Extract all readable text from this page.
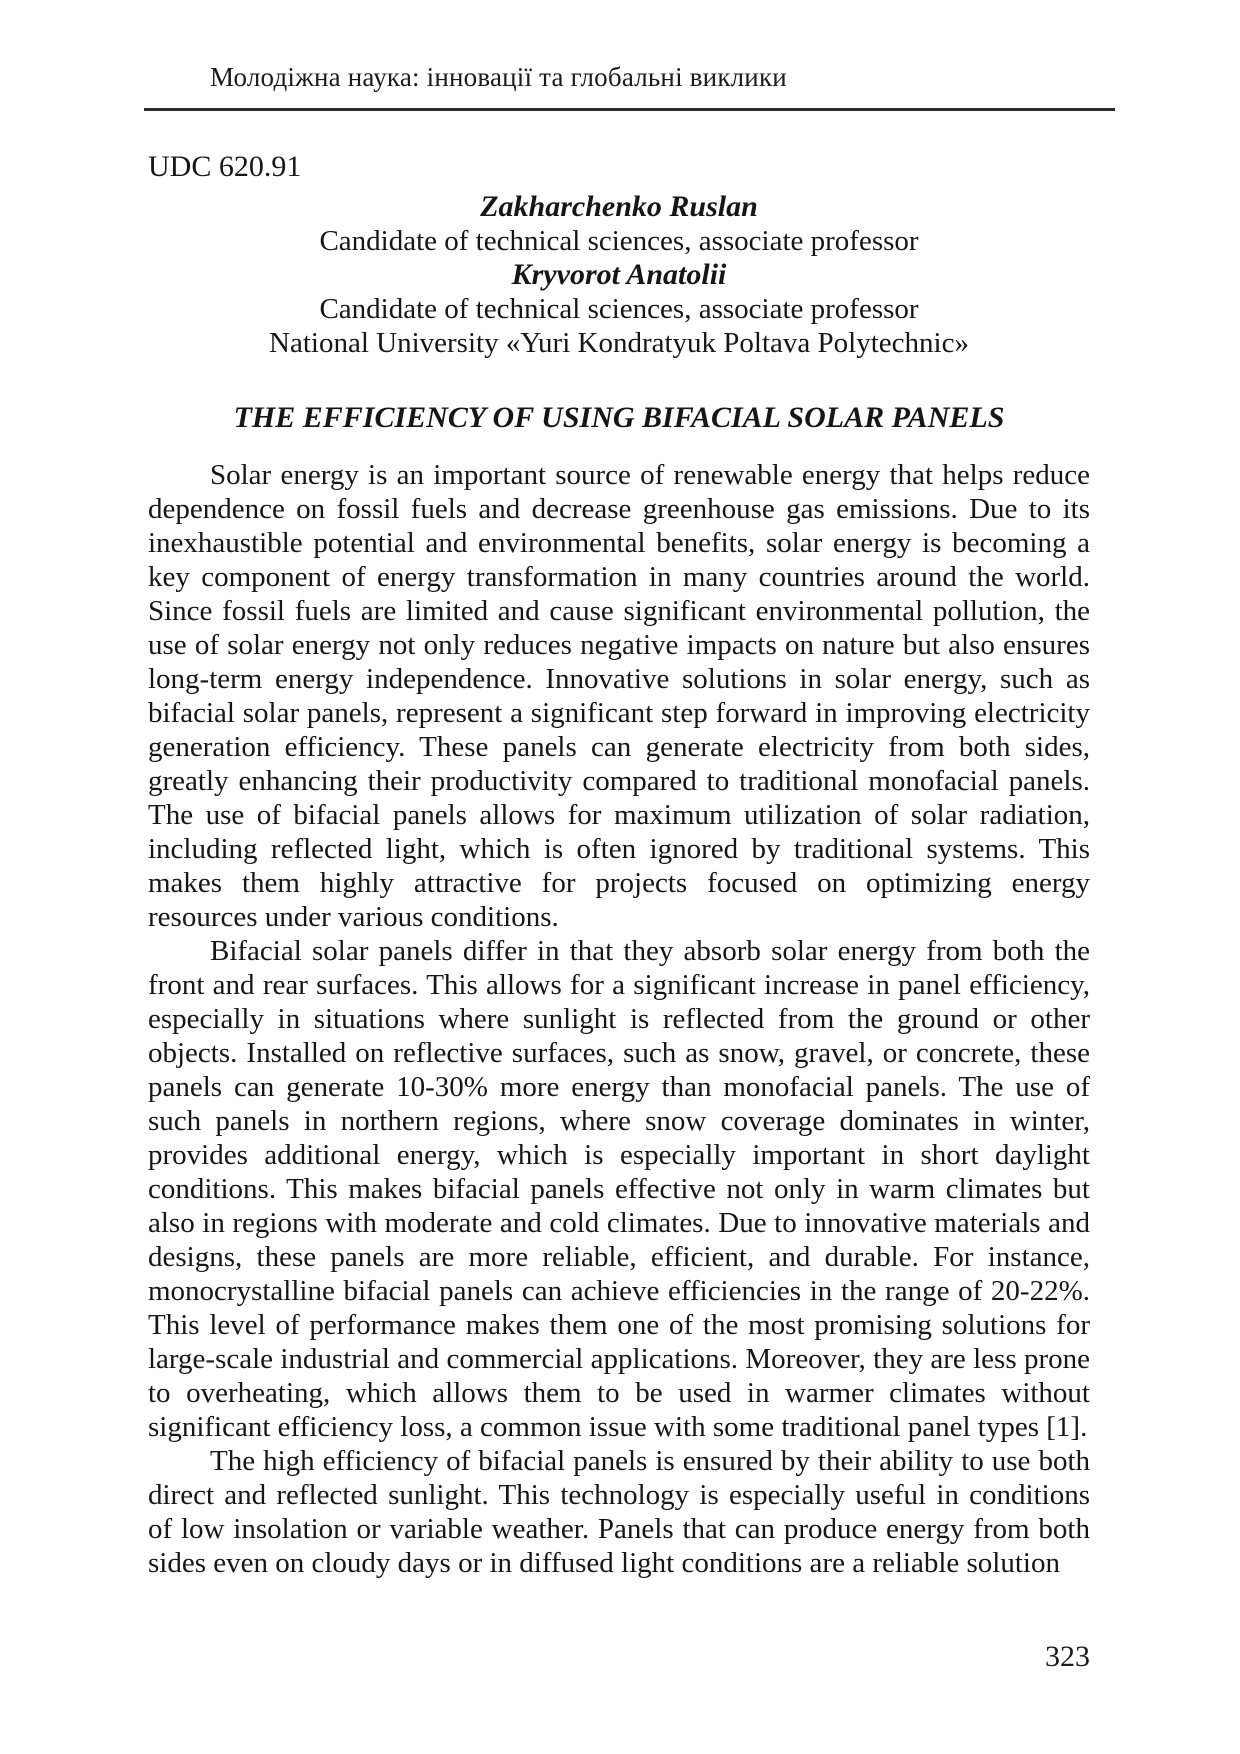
Молодіжна наука: інновації та глобальні виклики
UDC 620.91
Zakharchenko Ruslan
Candidate of technical sciences, associate professor
Kryvorot Anatolii
Candidate of technical sciences, associate professor
National University «Yuri Kondratyuk Poltava Polytechnic»
THE EFFICIENCY OF USING BIFACIAL SOLAR PANELS

Solar energy is an important source of renewable energy that helps reduce dependence on fossil fuels and decrease greenhouse gas emissions. Due to its inexhaustible potential and environmental benefits, solar energy is becoming a key component of energy transformation in many countries around the world. Since fossil fuels are limited and cause significant environmental pollution, the use of solar energy not only reduces negative impacts on nature but also ensures long-term energy independence. Innovative solutions in solar energy, such as bifacial solar panels, represent a significant step forward in improving electricity generation efficiency. These panels can generate electricity from both sides, greatly enhancing their productivity compared to traditional monofacial panels. The use of bifacial panels allows for maximum utilization of solar radiation, including reflected light, which is often ignored by traditional systems. This makes them highly attractive for projects focused on optimizing energy resources under various conditions.

Bifacial solar panels differ in that they absorb solar energy from both the front and rear surfaces. This allows for a significant increase in panel efficiency, especially in situations where sunlight is reflected from the ground or other objects. Installed on reflective surfaces, such as snow, gravel, or concrete, these panels can generate 10-30% more energy than monofacial panels. The use of such panels in northern regions, where snow coverage dominates in winter, provides additional energy, which is especially important in short daylight conditions. This makes bifacial panels effective not only in warm climates but also in regions with moderate and cold climates. Due to innovative materials and designs, these panels are more reliable, efficient, and durable. For instance, monocrystalline bifacial panels can achieve efficiencies in the range of 20-22%. This level of performance makes them one of the most promising solutions for large-scale industrial and commercial applications. Moreover, they are less prone to overheating, which allows them to be used in warmer climates without significant efficiency loss, a common issue with some traditional panel types [1].

The high efficiency of bifacial panels is ensured by their ability to use both direct and reflected sunlight. This technology is especially useful in conditions of low insolation or variable weather. Panels that can produce energy from both sides even on cloudy days or in diffused light conditions are a reliable solution

323
